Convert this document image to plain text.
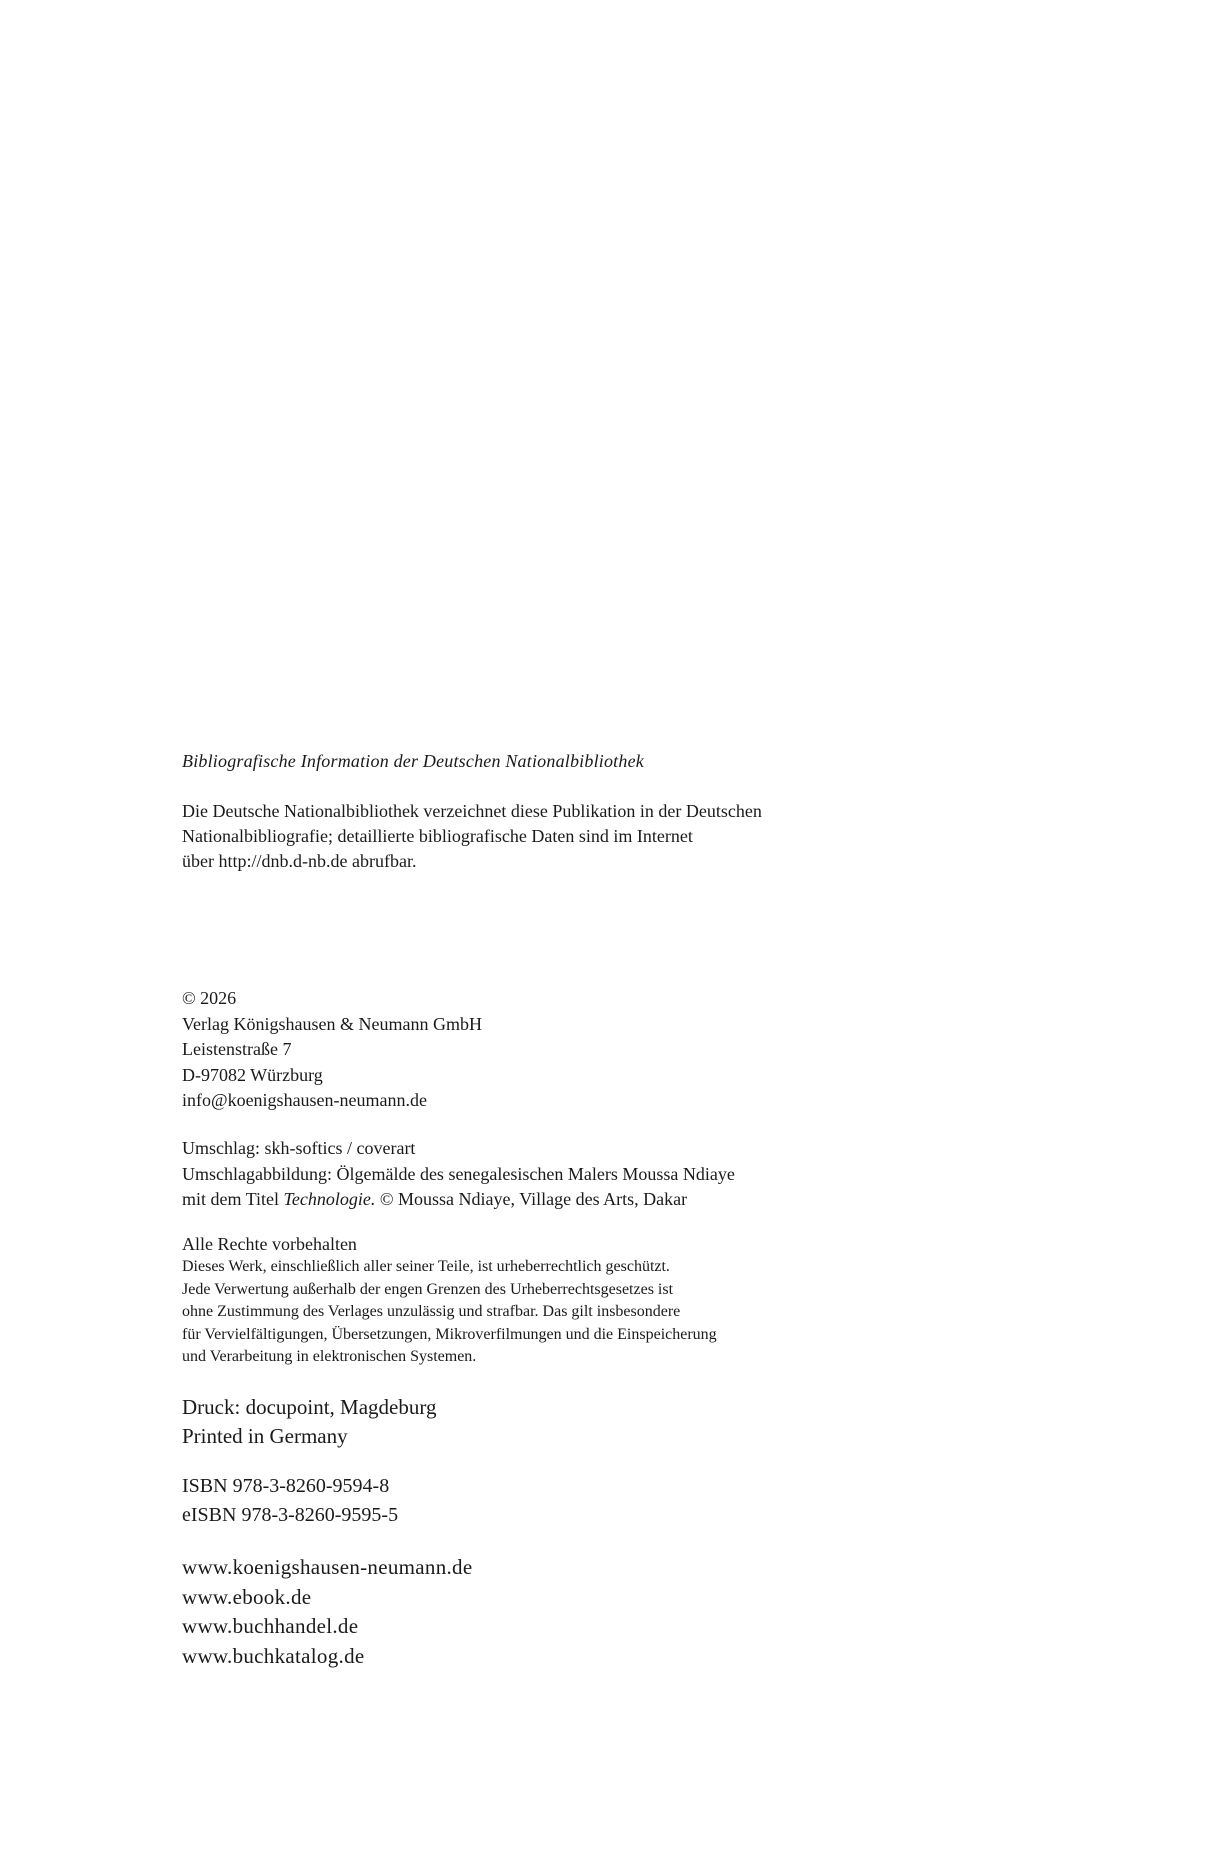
Bibliografische Information der Deutschen Nationalbibliothek
Die Deutsche Nationalbibliothek verzeichnet diese Publikation in der Deutschen
Nationalbibliografie; detaillierte bibliografische Daten sind im Internet
über http://dnb.d-nb.de abrufbar.
© 2026
Verlag Königshausen & Neumann GmbH
Leistenstraße 7
D-97082 Würzburg
info@koenigshausen-neumann.de
Umschlag: skh-softics / coverart
Umschlagabbildung: Ölgemälde des senegalesischen Malers Moussa Ndiaye
mit dem Titel Technologie. © Moussa Ndiaye, Village des Arts, Dakar
Alle Rechte vorbehalten
Dieses Werk, einschließlich aller seiner Teile, ist urheberrechtlich geschützt.
Jede Verwertung außerhalb der engen Grenzen des Urheberrechtsgesetzes ist
ohne Zustimmung des Verlages unzulässig und strafbar. Das gilt insbesondere
für Vervielfältigungen, Übersetzungen, Mikroverfilmungen und die Einspeicherung
und Verarbeitung in elektronischen Systemen.
Druck: docupoint, Magdeburg
Printed in Germany
ISBN 978-3-8260-9594-8
eISBN 978-3-8260-9595-5
www.koenigshausen-neumann.de
www.ebook.de
www.buchhandel.de
www.buchkatalog.de
